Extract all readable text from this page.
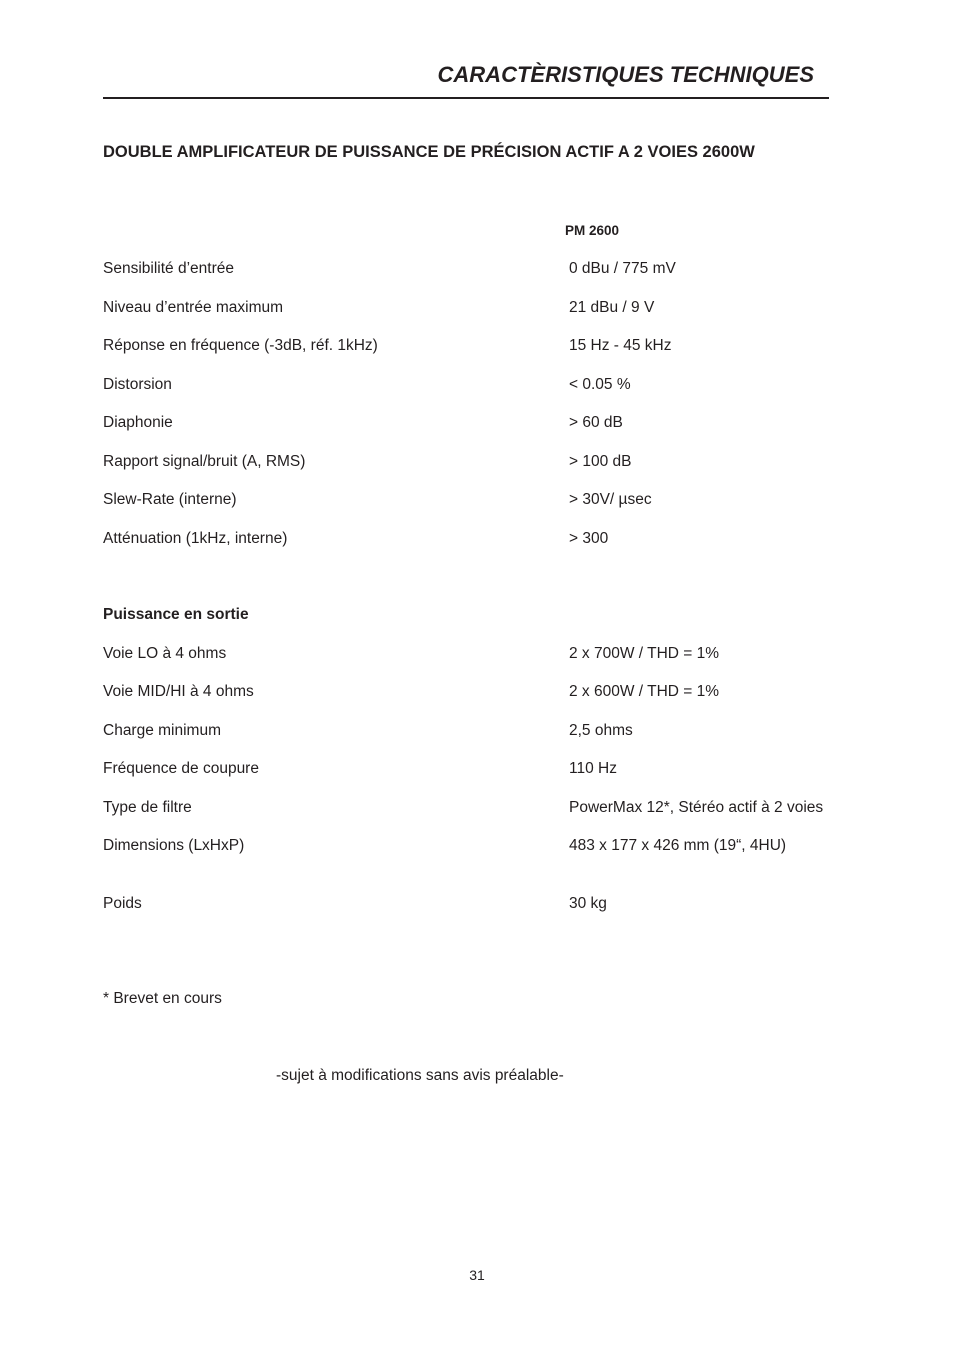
CARACTÈRISTIQUES TECHNIQUES
DOUBLE AMPLIFICATEUR DE PUISSANCE DE PRÉCISION ACTIF A 2 VOIES 2600W
PM 2600
Sensibilité d’entrée	0 dBu / 775 mV
Niveau d’entrée maximum	21 dBu / 9 V
Réponse en fréquence (-3dB, réf. 1kHz)	15 Hz - 45 kHz
Distorsion	< 0.05 %
Diaphonie	> 60 dB
Rapport signal/bruit (A, RMS)	> 100 dB
Slew-Rate (interne)	> 30V/ µsec
Atténuation (1kHz, interne)	> 300
Puissance en sortie
Voie LO à 4 ohms	2 x 700W / THD = 1%
Voie MID/HI à 4 ohms	2 x 600W / THD = 1%
Charge minimum	2,5 ohms
Fréquence de coupure	110 Hz
Type de filtre	PowerMax 12*, Stéréo actif à 2 voies
Dimensions (LxHxP)	483 x 177 x 426 mm (19“, 4HU)
Poids	30 kg
* Brevet en cours
-sujet à modifications sans avis préalable-
31
